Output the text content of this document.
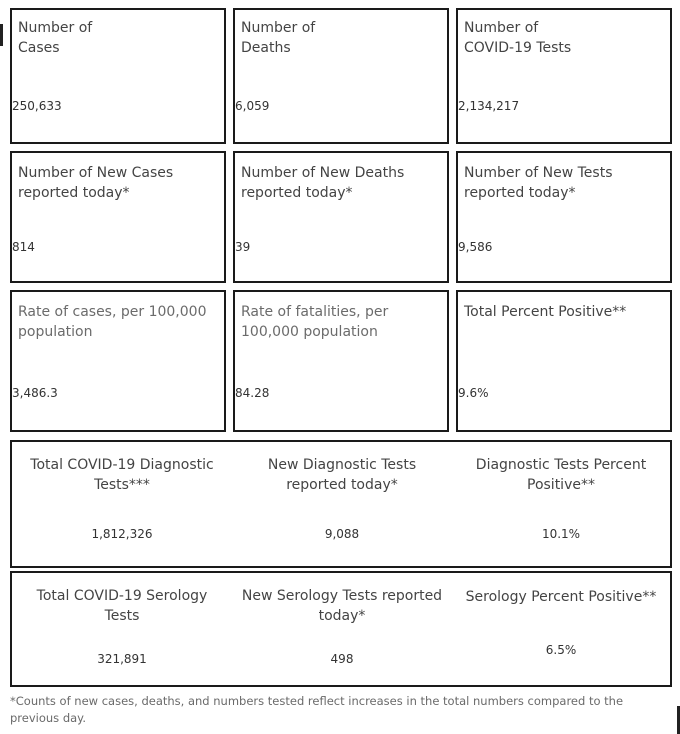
Number of
Cases
250,633
Number of
Deaths
6,059
Number of
COVID-19 Tests
2,134,217
Number of New Cases reported today*
814
Number of New Deaths reported today*
39
Number of New Tests reported today*
9,586
Rate of cases, per 100,000 population
3,486.3
Rate of fatalities, per 100,000 population
84.28
Total Percent Positive**
9.6%
Total COVID-19 Diagnostic Tests***
1,812,326
New Diagnostic Tests reported today*
9,088
Diagnostic Tests Percent Positive**
10.1%
Total COVID-19 Serology Tests
321,891
New Serology Tests reported today*
498
Serology Percent Positive**
6.5%
*Counts of new cases, deaths, and numbers tested reflect increases in the total numbers compared to the previous day.
